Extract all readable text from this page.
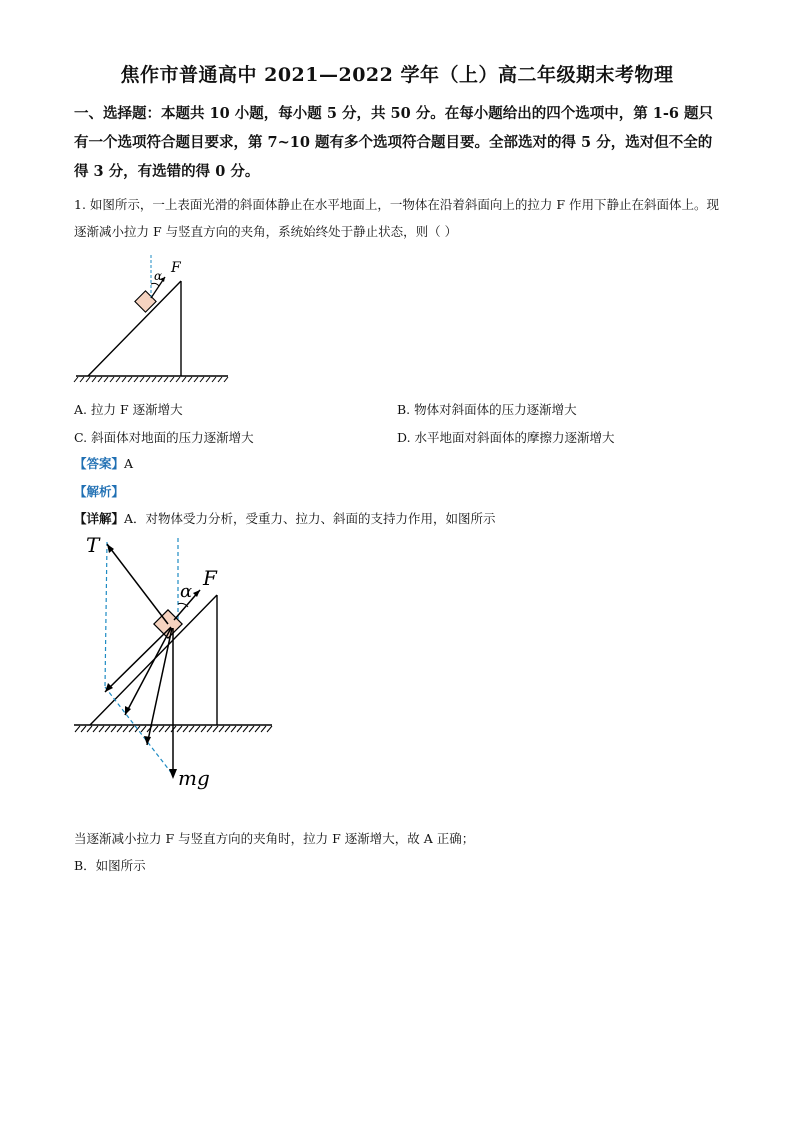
焦作市普通高中 2021—2022 学年（上）高二年级期末考物理
一、选择题：本题共 10 小题，每小题 5 分，共 50 分。在每小题给出的四个选项中，第 1-6 题只有一个选项符合题目要求，第 7~10 题有多个选项符合题目要。全部选对的得 5 分，选对但不全的得 3 分，有选错的得 0 分。
1. 如图所示，一上表面光滑的斜面体静止在水平地面上，一物体在沿着斜面向上的拉力 F 作用下静止在斜面体上。现逐渐减小拉力 F 与竖直方向的夹角，系统始终处于静止状态，则（ ）
α F
A. 拉力 F 逐渐增大	B. 物体对斜面体的压力逐渐增大
C. 斜面体对地面的压力逐渐增大	D. 水平地面对斜面体的摩擦力逐渐增大
【答案】A
【解析】
【详解】A．对物体受力分析，受重力、拉力、斜面的支持力作用，如图所示
T
α
F
mg
当逐渐减小拉力 F 与竖直方向的夹角时，拉力 F 逐渐增大，故 A 正确；
B．如图所示
